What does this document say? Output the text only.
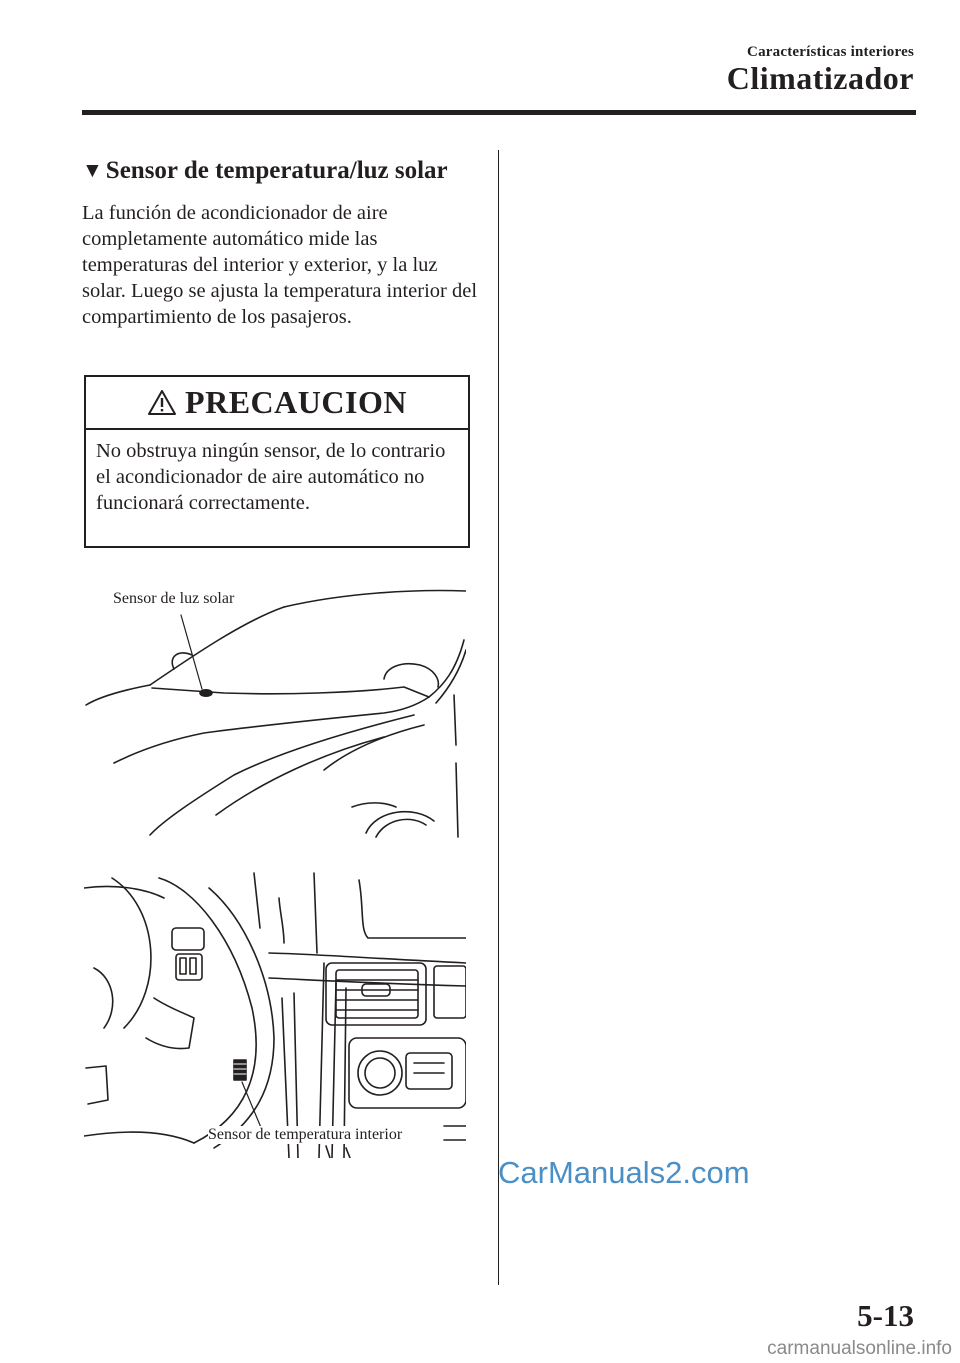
Características interiores
Climatizador
▼ Sensor de temperatura/luz solar
La función de acondicionador de aire completamente automático mide las temperaturas del interior y exterior, y la luz solar. Luego se ajusta la temperatura interior del compartimiento de los pasajeros.
PRECAUCION
No obstruya ningún sensor, de lo contrario el acondicionador de aire automático no funcionará correctamente.
Sensor de luz solar
Sensor de temperatura interior
CarManuals2.com
5-13
carmanualsonline.info
